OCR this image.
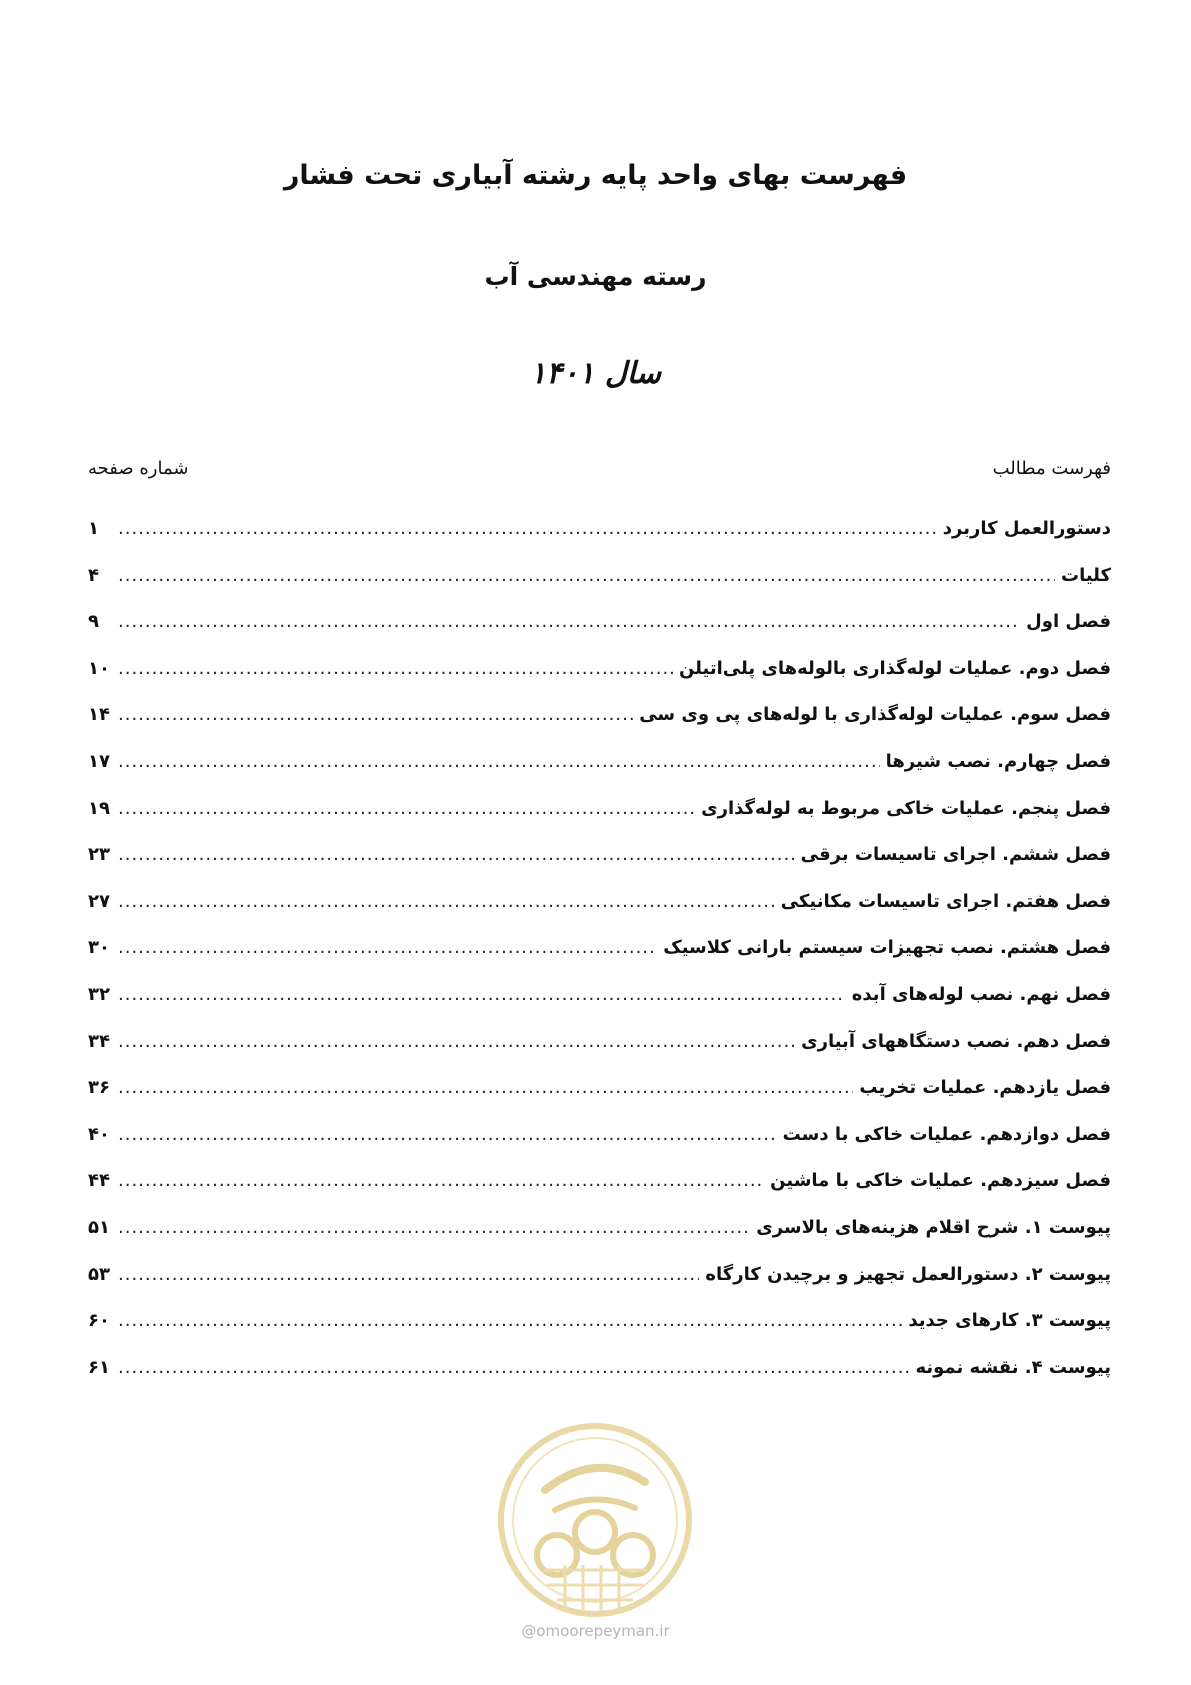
فهرست بهای واحد پایه رشته آبیاری تحت فشار
رسته مهندسی آب
سال ۱۴۰۱
فهرست مطالب
شماره صفحه
دستورالعمل کاربرد
.....
۱
کلیات
.....
۴
فصل اول
.....
۹
فصل دوم. عملیات لوله‌گذاری بالوله‌های پلی‌اتیلن
.....
۱۰
فصل سوم. عملیات لوله‌گذاری با لوله‌های پی وی سی
.....
۱۴
فصل چهارم. نصب شیرها
.....
۱۷
فصل پنجم. عملیات خاکی مربوط به لوله‌گذاری
.....
۱۹
فصل ششم. اجرای تاسیسات برقی
.....
۲۳
فصل هفتم. اجرای تاسیسات مکانیکی
.....
۲۷
فصل هشتم. نصب تجهیزات سیستم بارانی کلاسیک
.....
۳۰
فصل نهم. نصب لوله‌های آبده
.....
۳۲
فصل دهم. نصب دستگاههای آبیاری
.....
۳۴
فصل یازدهم. عملیات تخریب
.....
۳۶
فصل دوازدهم. عملیات خاکی با دست
.....
۴۰
فصل سیزدهم. عملیات خاکی با ماشین
.....
۴۴
پیوست ۱. شرح اقلام هزینه‌های بالاسری
.....
۵۱
پیوست ۲. دستورالعمل تجهیز و برچیدن کارگاه
.....
۵۳
پیوست ۳. کارهای جدید
.....
۶۰
پیوست ۴. نقشه نمونه
.....
۶۱
@omoorepeyman.ir
